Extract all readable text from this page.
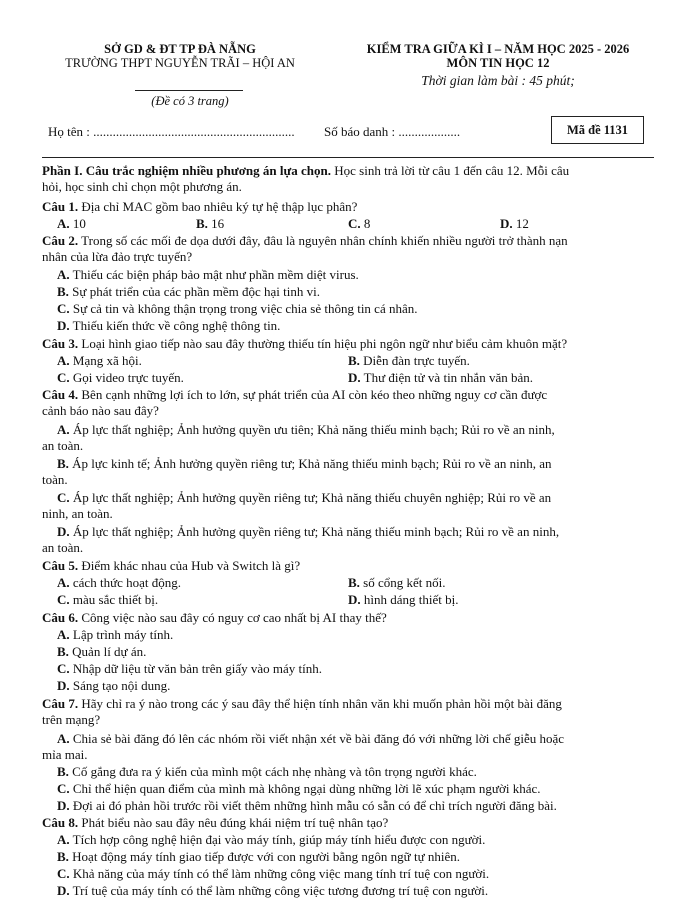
SỞ GD & ĐT TP ĐÀ NẴNG
TRƯỜNG THPT NGUYỄN TRÃI – HỘI AN
(Đề có 3 trang)
KIỂM TRA GIỮA KÌ I – NĂM HỌC 2025 - 2026
MÔN TIN HỌC 12
Thời gian làm bài : 45 phút;
Họ tên : .............................................................. Số báo danh : ...................	Mã đề 1131
Phần I. Câu trắc nghiệm nhiều phương án lựa chọn. Học sinh trả lời từ câu 1 đến câu 12. Mỗi câu
hỏi, học sinh chỉ chọn một phương án.
Câu 1. Địa chỉ MAC gồm bao nhiêu ký tự hệ thập lục phân?
A. 10	B. 16	C. 8	D. 12
Câu 2. Trong số các mối đe dọa dưới đây, đâu là nguyên nhân chính khiến nhiều người trở thành nạn
nhân của lừa đảo trực tuyến?
A. Thiếu các biện pháp bảo mật như phần mềm diệt virus.
B. Sự phát triển của các phần mềm độc hại tinh vi.
C. Sự cả tin và không thận trọng trong việc chia sẻ thông tin cá nhân.
D. Thiếu kiến thức về công nghệ thông tin.
Câu 3. Loại hình giao tiếp nào sau đây thường thiếu tín hiệu phi ngôn ngữ như biểu cảm khuôn mặt?
A. Mạng xã hội.	B. Diễn đàn trực tuyến.
C. Gọi video trực tuyến.	D. Thư điện tử và tin nhắn văn bản.
Câu 4. Bên cạnh những lợi ích to lớn, sự phát triển của AI còn kéo theo những nguy cơ cần được
cảnh báo nào sau đây?
A. Áp lực thất nghiệp; Ảnh hưởng quyền ưu tiên; Khả năng thiếu minh bạch; Rủi ro về an ninh,
an toàn.
B. Áp lực kinh tế; Ảnh hưởng quyền riêng tư; Khả năng thiếu minh bạch; Rủi ro về an ninh, an
toàn.
C. Áp lực thất nghiệp; Ảnh hưởng quyền riêng tư; Khả năng thiếu chuyên nghiệp; Rủi ro về an
ninh, an toàn.
D. Áp lực thất nghiệp; Ảnh hưởng quyền riêng tư; Khả năng thiếu minh bạch; Rủi ro về an ninh,
an toàn.
Câu 5. Điểm khác nhau của Hub và Switch là gì?
A. cách thức hoạt động.	B. số cổng kết nối.
C. màu sắc thiết bị.	D. hình dáng thiết bị.
Câu 6. Công việc nào sau đây có nguy cơ cao nhất bị AI thay thế?
A. Lập trình máy tính.
B. Quản lí dự án.
C. Nhập dữ liệu từ văn bản trên giấy vào máy tính.
D. Sáng tạo nội dung.
Câu 7. Hãy chỉ ra ý nào trong các ý sau đây thể hiện tính nhân văn khi muốn phản hồi một bài đăng
trên mạng?
A. Chia sẻ bài đăng đó lên các nhóm rồi viết nhận xét về bài đăng đó với những lời chế giễu hoặc
mỉa mai.
B. Cố gắng đưa ra ý kiến của mình một cách nhẹ nhàng và tôn trọng người khác.
C. Chỉ thể hiện quan điểm của mình mà không ngại dùng những lời lẽ xúc phạm người khác.
D. Đợi ai đó phản hồi trước rồi viết thêm những hình mẫu có sẵn có để chỉ trích người đăng bài.
Câu 8. Phát biểu nào sau đây nêu đúng khái niệm trí tuệ nhân tạo?
A. Tích hợp công nghệ hiện đại vào máy tính, giúp máy tính hiểu được con người.
B. Hoạt động máy tính giao tiếp được với con người bằng ngôn ngữ tự nhiên.
C. Khả năng của máy tính có thể làm những công việc mang tính trí tuệ con người.
D. Trí tuệ của máy tính có thể làm những công việc tương đương trí tuệ con người.
